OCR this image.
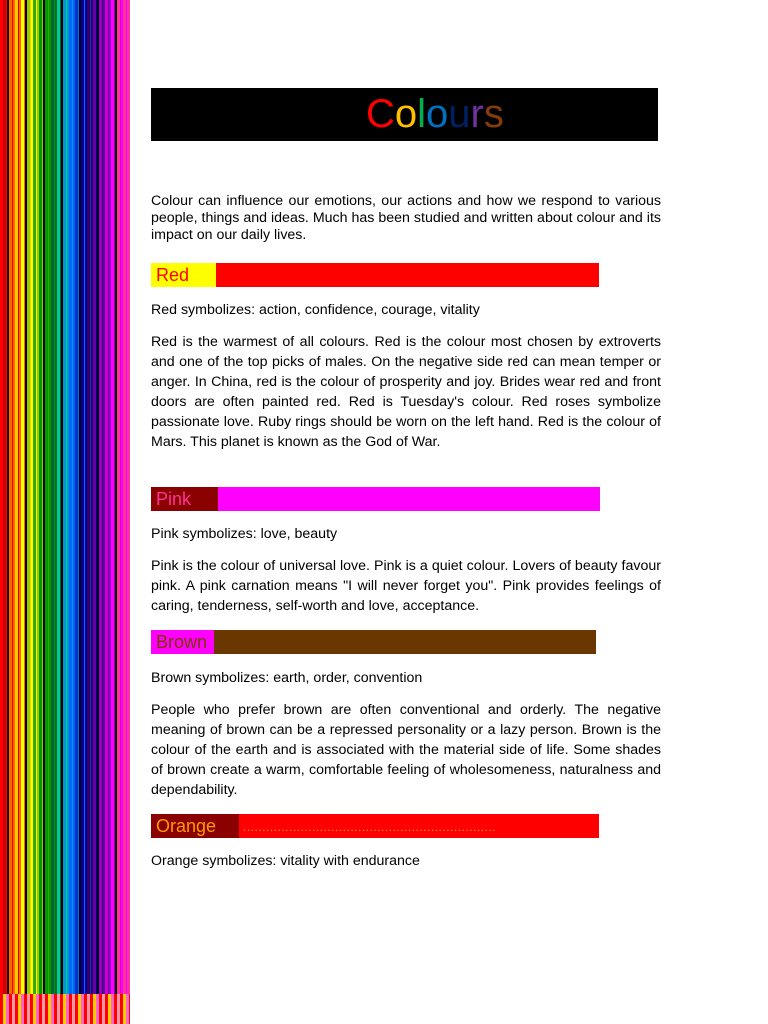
Colours

Colour can influence our emotions, our actions and how we respond to various people, things and ideas. Much has been studied and written about colour and its impact on our daily lives.

Red

Red symbolizes: action, confidence, courage, vitality

Red is the warmest of all colours. Red is the colour most chosen by extroverts and one of the top picks of males. On the negative side red can mean temper or anger. In China, red is the colour of prosperity and joy. Brides wear red and front doors are often painted red. Red is Tuesday's colour. Red roses symbolize passionate love. Ruby rings should be worn on the left hand. Red is the colour of Mars. This planet is known as the God of War.

Pink

Pink symbolizes: love, beauty

Pink is the colour of universal love. Pink is a quiet colour. Lovers of beauty favour pink. A pink carnation means "I will never forget you". Pink provides feelings of caring, tenderness, self-worth and love, acceptance.

Brown

Brown symbolizes: earth, order, convention

People who prefer brown are often conventional and orderly. The negative meaning of brown can be a repressed personality or a lazy person. Brown is the colour of the earth and is associated with the material side of life. Some shades of brown create a warm, comfortable feeling of wholesomeness, naturalness and dependability.

Orange	..................................................................

Orange symbolizes: vitality with endurance
